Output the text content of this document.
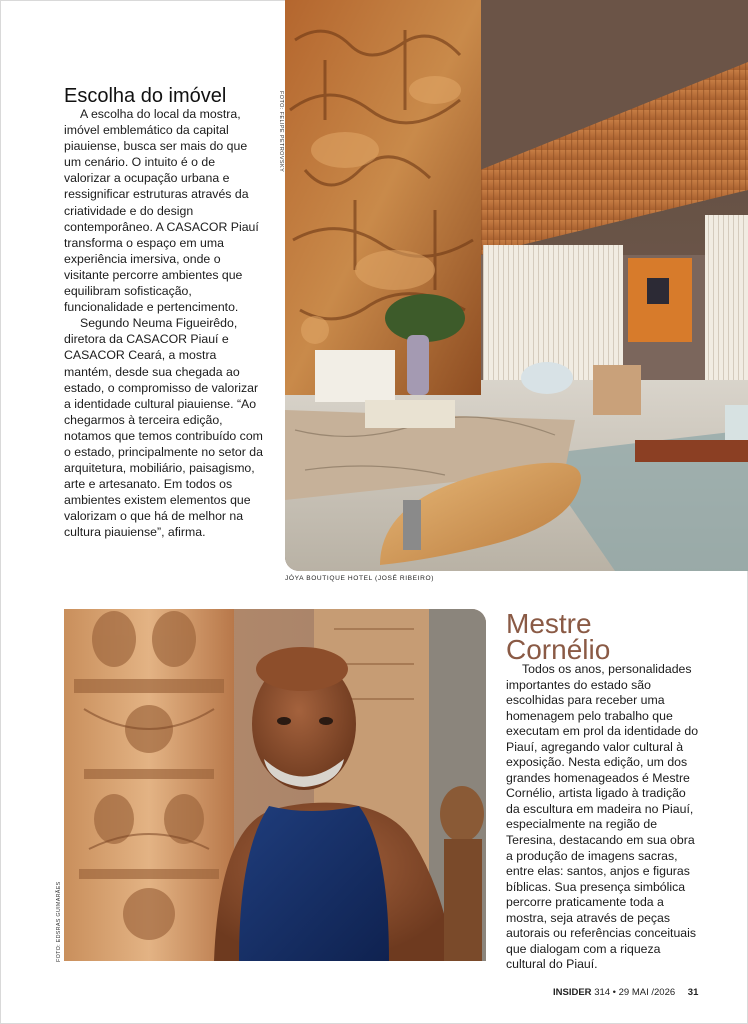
Escolha do imóvel

A escolha do local da mostra, imóvel emblemático da capital piauiense, busca ser mais do que um cenário. O intuito é o de valorizar a ocupação urbana e ressignificar estruturas através da criatividade e do design contemporâneo. A CASACOR Piauí transforma o espaço em uma experiência imersiva, onde o visitante percorre ambientes que equilibram sofisticação, funcionalidade e pertencimento.

Segundo Neuma Figueirêdo, diretora da CASACOR Piauí e CASACOR Ceará, a mostra mantém, desde sua chegada ao estado, o compromisso de valorizar a identidade cultural piauiense. “Ao chegarmos à terceira edição, notamos que temos contribuído com o estado, principalmente no setor da arquitetura, mobiliário, paisagismo, arte e artesanato. Em todos os ambientes existem elementos que valorizam o que há de melhor na cultura piauiense”, afirma.

FOTO: FELIPE PETROVSKY
JÓYA BOUTIQUE HOTEL (JOSÉ RIBEIRO)
FOTO: EDSRAS GUIMARÃES
Mestre
Cornélio

Todos os anos, personalidades importantes do estado são escolhidas para receber uma homenagem pelo trabalho que executam em prol da identidade do Piauí, agregando valor cultural à exposição. Nesta edição, um dos grandes homenageados é Mestre Cornélio, artista ligado à tradição da escultura em madeira no Piauí, especialmente na região de Teresina, destacando em sua obra a produção de imagens sacras, entre elas: santos, anjos e figuras bíblicas. Sua presença simbólica percorre praticamente toda a mostra, seja através de peças autorais ou referências conceituais que dialogam com a riqueza cultural do Piauí.

INSIDER 314 • 29 MAI /2026 31
